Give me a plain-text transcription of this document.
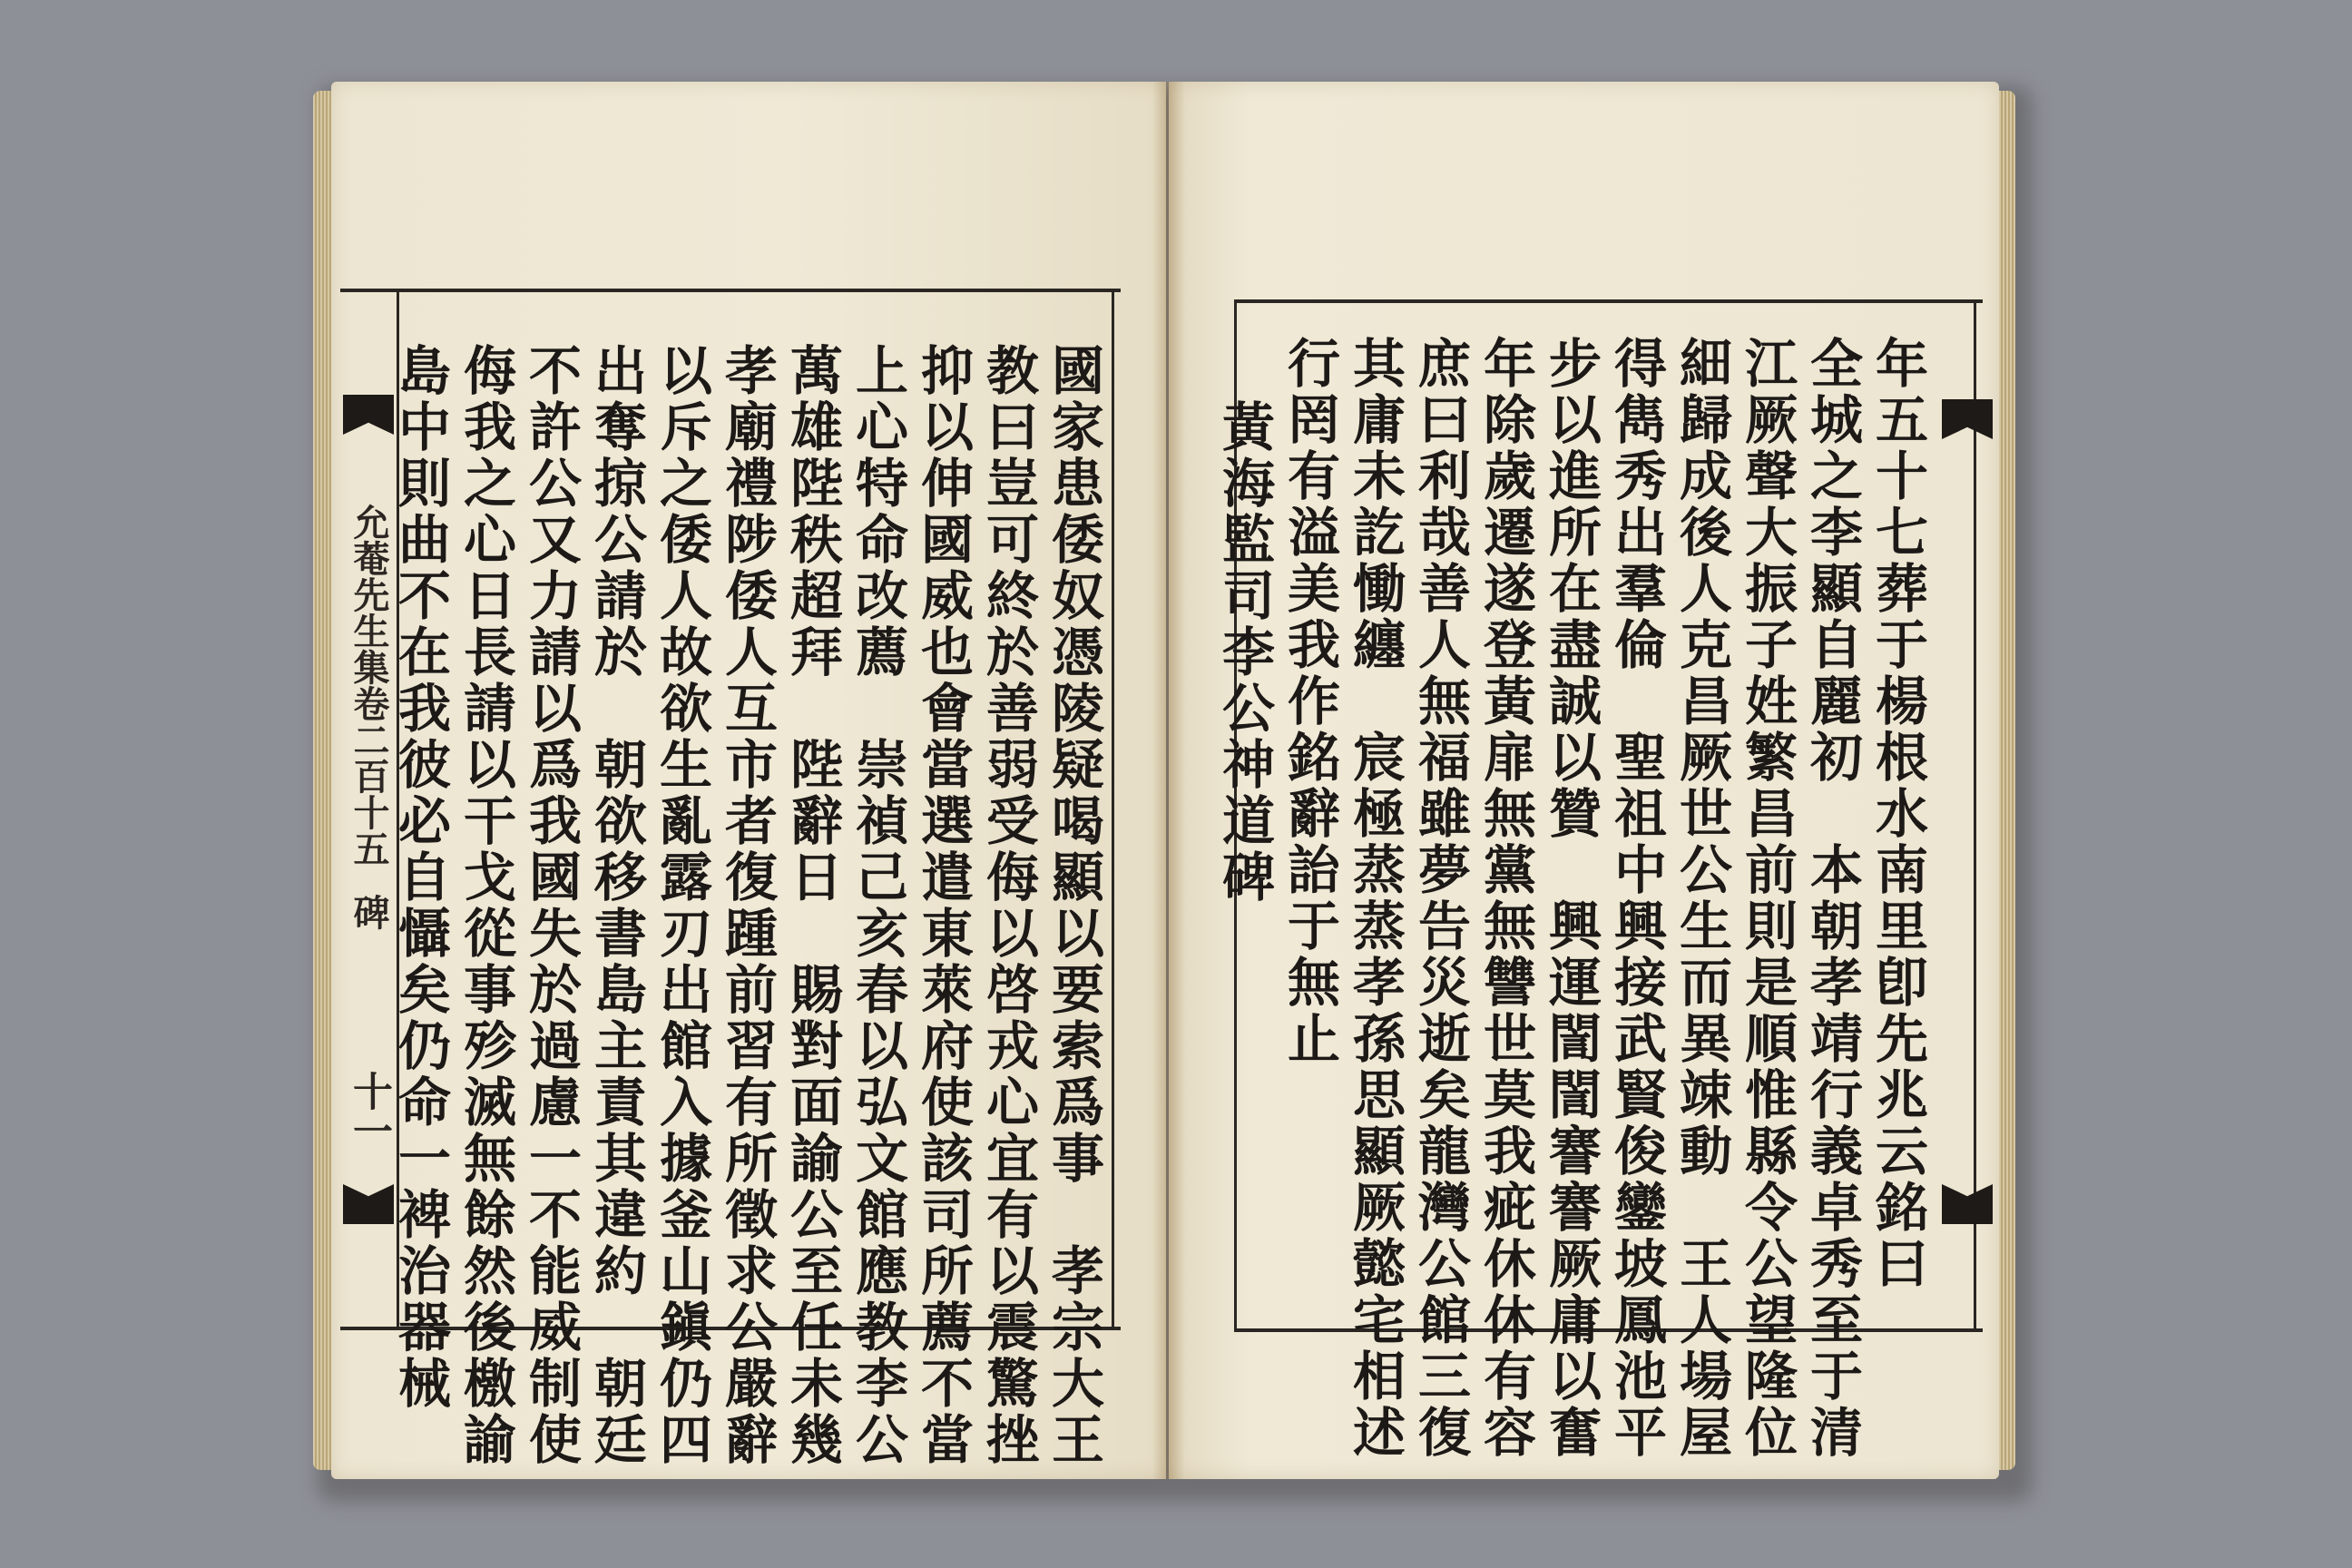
允菴先生集卷二百十五
碑
十一	國家患倭奴憑陵疑喝顯以要索爲事　孝宗大王
教曰豈可終於善弱受侮以啓戎心宜有以震驚挫
抑以伸國威也會當選遣東萊府使該司所薦不當
上心特命改薦　崇禎己亥春以弘文館應教李公
萬雄陛秩超拜　陛辭日　賜對面諭公至任未幾
孝廟禮陟倭人互市者復踵前習有所徵求公嚴辭
以斥之倭人故欲生亂露刃出館入據釜山鎭仍四
出奪掠公請於　朝欲移書島主責其違約　朝廷
不許公又力請以爲我國失於過慮一不能威制使
侮我之心日長請以干戈從事殄滅無餘然後檄諭
島中則曲不在我彼必自懾矣仍命一裨治器械	年五十七葬于楊根水南里卽先兆云銘曰
全城之李顯自麗初　本朝孝靖行義卓秀至于清
江厥聲大振子姓繁昌前則是順惟縣令公望隆位
細歸成後人克昌厥世公生而異竦動　王人場屋
得雋秀出羣倫　聖祖中興接武賢俊鑾坡鳳池平
步以進所在盡誠以贊　興運誾誾謇謇厥庸以奮
年除歲遷遂登黃扉無黨無讐世莫我疵休休有容
庶曰利哉善人無福雖夢告災逝矣龍灣公館三復
其庸未訖慟纏　宸極蒸蒸孝孫思顯厥懿宅相述
行罔有溢美我作銘辭詒于無止
黃海監司李公神道碑
